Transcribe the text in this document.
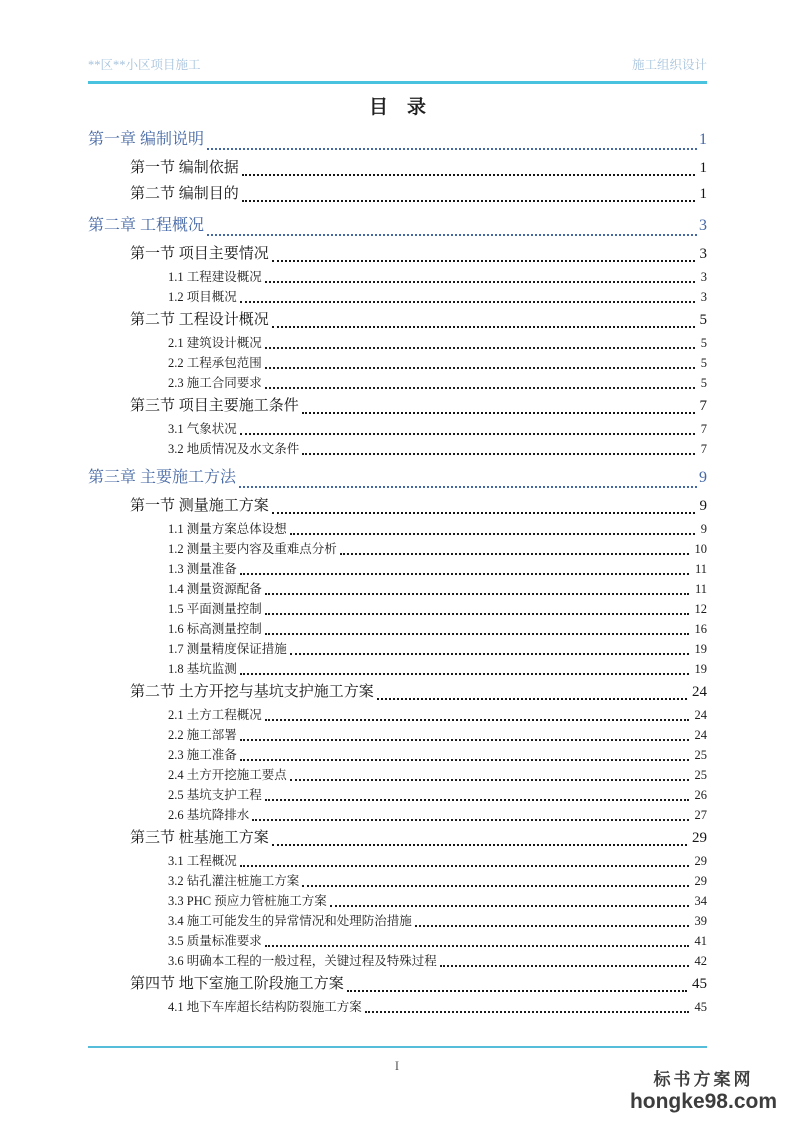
**区**小区项目施工	施工组织设计
目　录
第一章 编制说明	1
第一节 编制依据	1
第二节 编制目的	1
第二章 工程概况	3
第一节 项目主要情况	3
1.1 工程建设概况	3
1.2 项目概况	3
第二节 工程设计概况	5
2.1 建筑设计概况	5
2.2 工程承包范围	5
2.3 施工合同要求	5
第三节 项目主要施工条件	7
3.1 气象状况	7
3.2 地质情况及水文条件	7
第三章 主要施工方法	9
第一节 测量施工方案	9
1.1 测量方案总体设想	9
1.2 测量主要内容及重难点分析	10
1.3 测量准备	11
1.4 测量资源配备	11
1.5 平面测量控制	12
1.6 标高测量控制	16
1.7 测量精度保证措施	19
1.8 基坑监测	19
第二节 土方开挖与基坑支护施工方案	24
2.1 土方工程概况	24
2.2 施工部署	24
2.3 施工准备	25
2.4 土方开挖施工要点	25
2.5 基坑支护工程	26
2.6 基坑降排水	27
第三节 桩基施工方案	29
3.1 工程概况	29
3.2 钻孔灌注桩施工方案	29
3.3 PHC 预应力管桩施工方案	34
3.4 施工可能发生的异常情况和处理防治措施	39
3.5 质量标准要求	41
3.6 明确本工程的一般过程，关键过程及特殊过程	42
第四节 地下室施工阶段施工方案	45
4.1 地下车库超长结构防裂施工方案	45
I
标书方案网
hongke98.com
